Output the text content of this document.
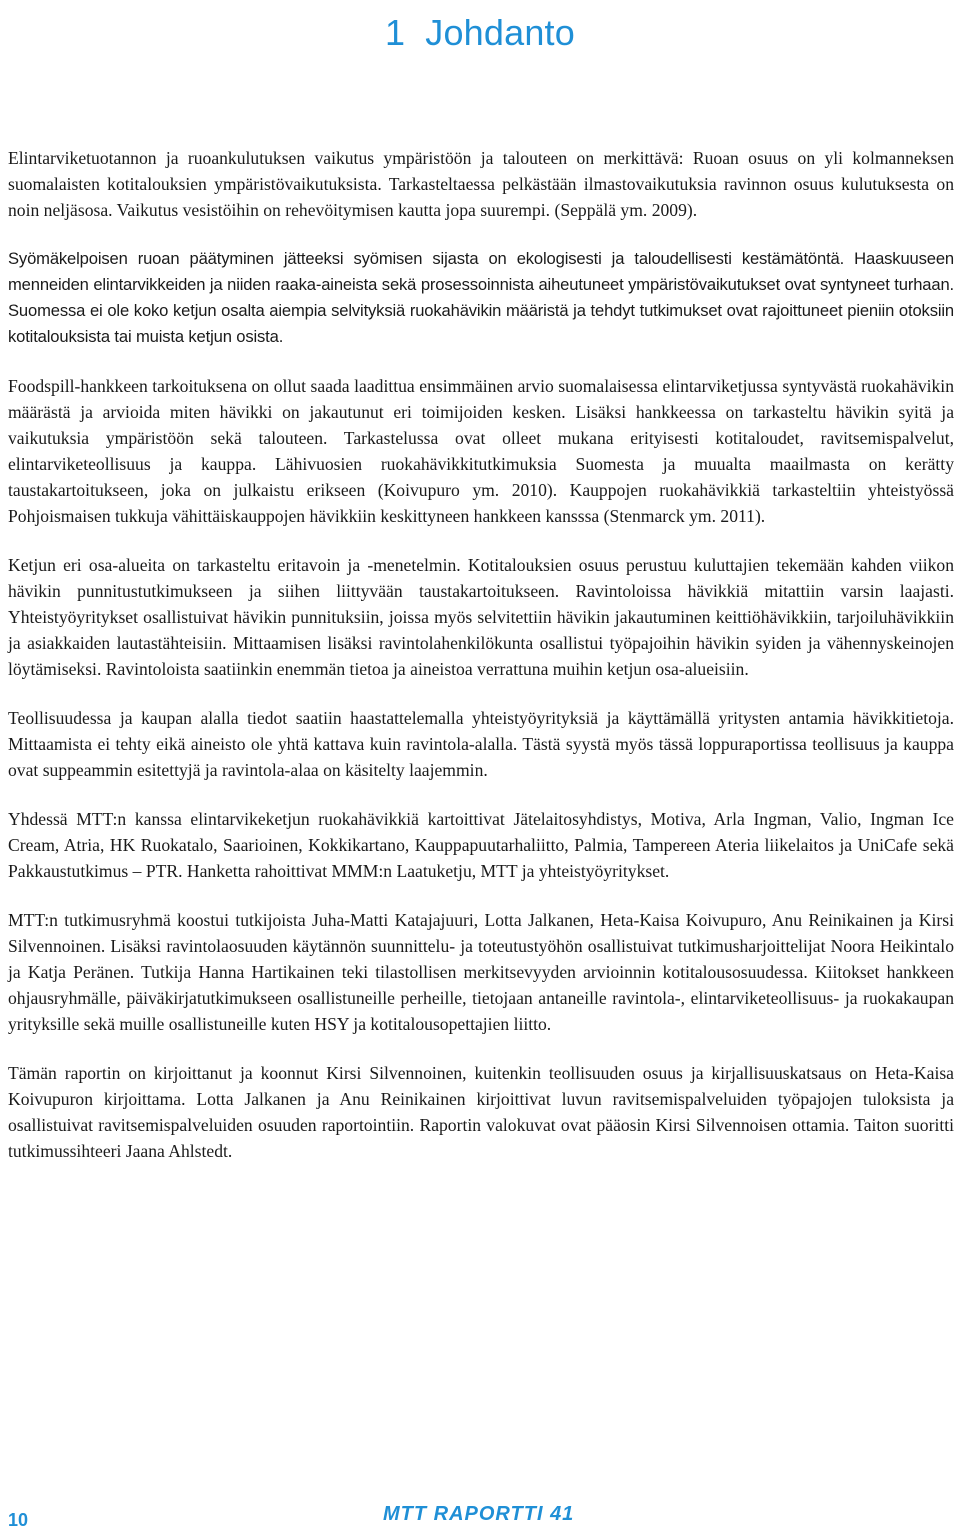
1 Johdanto

Elintarviketuotannon ja ruoankulutuksen vaikutus ympäristöön ja talouteen on merkittävä: Ruoan osuus on yli kolmanneksen suomalaisten kotitalouksien ympäristövaikutuksista. Tarkasteltaessa pelkästään ilmastovaikutuksia ravinnon osuus kulutuksesta on noin neljäsosa. Vaikutus vesistöihin on rehevöitymisen kautta jopa suurempi. (Seppälä ym. 2009).

Syömäkelpoisen ruoan päätyminen jätteeksi syömisen sijasta on ekologisesti ja taloudellisesti kestämätöntä. Haaskuuseen menneiden elintarvikkeiden ja niiden raaka-aineista sekä prosessoinnista aiheutuneet ympäristövaikutukset ovat syntyneet turhaan. Suomessa ei ole koko ketjun osalta aiempia selvityksiä ruokahävikin määristä ja tehdyt tutkimukset ovat rajoittuneet pieniin otoksiin kotitalouksista tai muista ketjun osista.

Foodspill-hankkeen tarkoituksena on ollut saada laadittua ensimmäinen arvio suomalaisessa elintarviketjussa syntyvästä ruokahävikin määrästä ja arvioida miten hävikki on jakautunut eri toimijoiden kesken. Lisäksi hankkeessa on tarkasteltu hävikin syitä ja vaikutuksia ympäristöön sekä talouteen. Tarkastelussa ovat olleet mukana erityisesti kotitaloudet, ravitsemispalvelut, elintarviketeollisuus ja kauppa. Lähivuosien ruokahävikkitutkimuksia Suomesta ja muualta maailmasta on kerätty taustakartoitukseen, joka on julkaistu erikseen (Koivupuro ym. 2010). Kauppojen ruokahävikkiä tarkasteltiin yhteistyössä Pohjoismaisen tukkuja vähittäiskauppojen hävikkiin keskittyneen hankkeen kansssa (Stenmarck ym. 2011).

Ketjun eri osa-alueita on tarkasteltu eritavoin ja -menetelmin. Kotitalouksien osuus perustuu kuluttajien tekemään kahden viikon hävikin punnitustutkimukseen ja siihen liittyvään taustakartoitukseen. Ravintoloissa hävikkiä mitattiin varsin laajasti. Yhteistyöyritykset osallistuivat hävikin punnituksiin, joissa myös selvitettiin hävikin jakautuminen keittiöhävikkiin, tarjoiluhävikkiin ja asiakkaiden lautastähteisiin. Mittaamisen lisäksi ravintolahenkilökunta osallistui työpajoihin hävikin syiden ja vähennyskeinojen löytämiseksi. Ravintoloista saatiinkin enemmän tietoa ja aineistoa verrattuna muihin ketjun osa-alueisiin.

Teollisuudessa ja kaupan alalla tiedot saatiin haastattelemalla yhteistyöyrityksiä ja käyttämällä yritysten antamia hävikkitietoja. Mittaamista ei tehty eikä aineisto ole yhtä kattava kuin ravintola-alalla. Tästä syystä myös tässä loppuraportissa teollisuus ja kauppa ovat suppeammin esitettyjä ja ravintola-alaa on käsitelty laajemmin.

Yhdessä MTT:n kanssa elintarvikeketjun ruokahävikkiä kartoittivat Jätelaitosyhdistys, Motiva, Arla Ingman, Valio, Ingman Ice Cream, Atria, HK Ruokatalo, Saarioinen, Kokkikartano, Kauppapuutarhaliitto, Palmia, Tampereen Ateria liikelaitos ja UniCafe sekä Pakkaustutkimus – PTR. Hanketta rahoittivat MMM:n Laatuketju, MTT ja yhteistyöyritykset.

MTT:n tutkimusryhmä koostui tutkijoista Juha-Matti Katajajuuri, Lotta Jalkanen, Heta-Kaisa Koivupuro, Anu Reinikainen ja Kirsi Silvennoinen. Lisäksi ravintolaosuuden käytännön suunnittelu- ja toteutustyöhön osallistuivat tutkimusharjoittelijat Noora Heikintalo ja Katja Peränen. Tutkija Hanna Hartikainen teki tilastollisen merkitsevyyden arvioinnin kotitalousosuudessa. Kiitokset hankkeen ohjausryhmälle, päiväkirjatutkimukseen osallistuneille perheille, tietojaan antaneille ravintola-, elintarviketeollisuus- ja ruokakaupan yrityksille sekä muille osallistuneille kuten HSY ja kotitalousopettajien liitto.

Tämän raportin on kirjoittanut ja koonnut Kirsi Silvennoinen, kuitenkin teollisuuden osuus ja kirjallisuuskatsaus on Heta-Kaisa Koivupuron kirjoittama. Lotta Jalkanen ja Anu Reinikainen kirjoittivat luvun ravitsemispalveluiden työpajojen tuloksista ja osallistuivat ravitsemispalveluiden osuuden raportointiin. Raportin valokuvat ovat pääosin Kirsi Silvennoisen ottamia. Taiton suoritti tutkimussihteeri Jaana Ahlstedt.

10	MTT RAPORTTI 41
